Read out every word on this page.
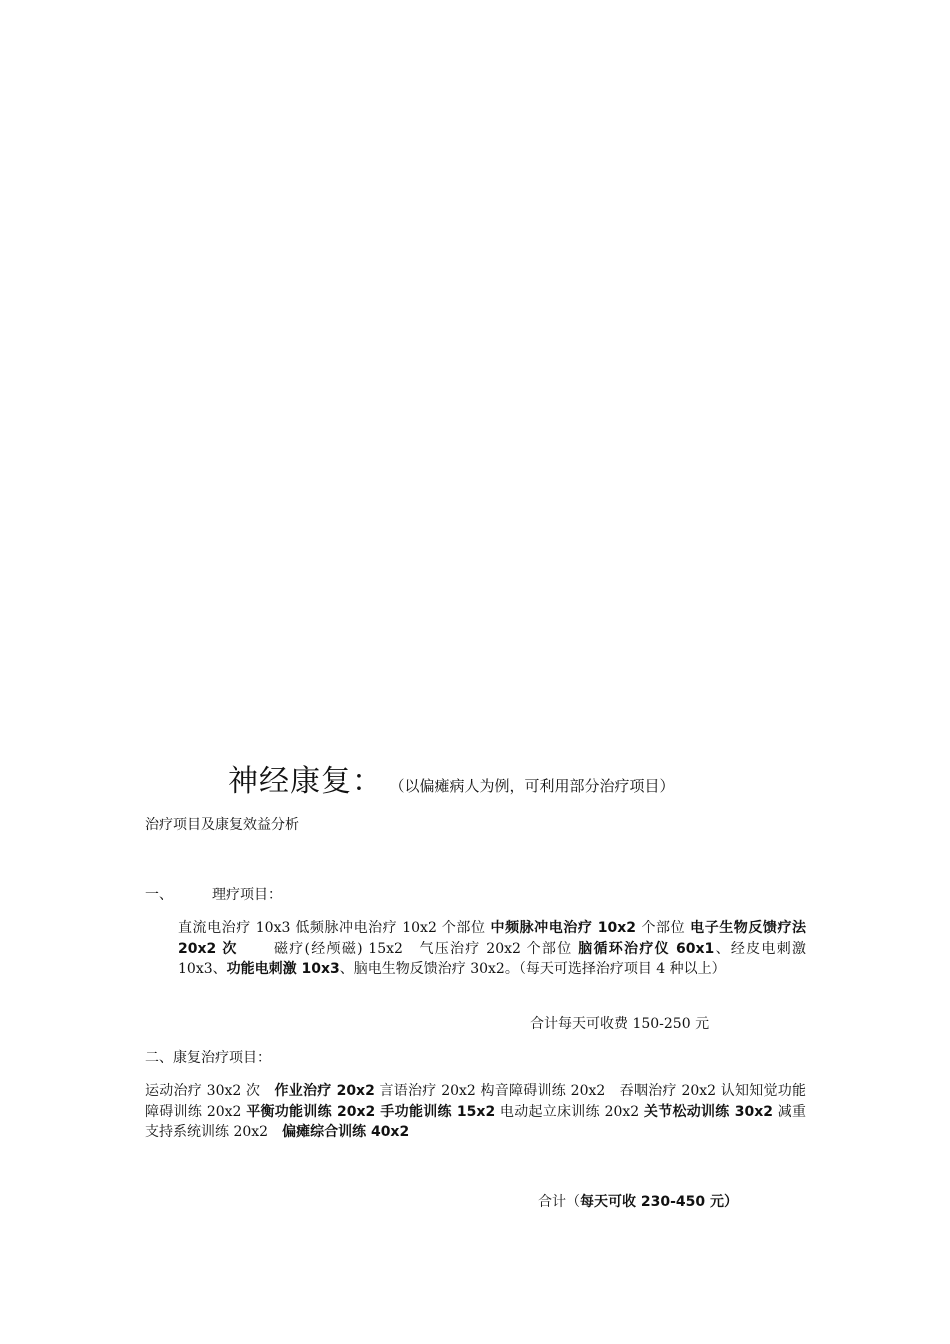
神经康复： （以偏瘫病人为例，可利用部分治疗项目）
治疗项目及康复效益分析
一、	理疗项目：
直流电治疗 10x3 低频脉冲电治疗 10x2 个部位 中频脉冲电治疗 10x2 个部位 电子生物反馈疗法 20x2 次　　 磁疗(经颅磁) 15x2　气压治疗 20x2 个部位 脑循环治疗仪 60x1、经皮电刺激 10x3、功能电刺激 10x3、脑电生物反馈治疗 30x2。（每天可选择治疗项目 4 种以上）
合计每天可收费 150-250 元
二、康复治疗项目：
运动治疗 30x2 次　作业治疗 20x2 言语治疗 20x2 构音障碍训练 20x2　吞咽治疗 20x2 认知知觉功能障碍训练 20x2 平衡功能训练 20x2 手功能训练 15x2 电动起立床训练 20x2 关节松动训练 30x2 减重支持系统训练 20x2　偏瘫综合训练 40x2
合计（每天可收 230-450 元）
